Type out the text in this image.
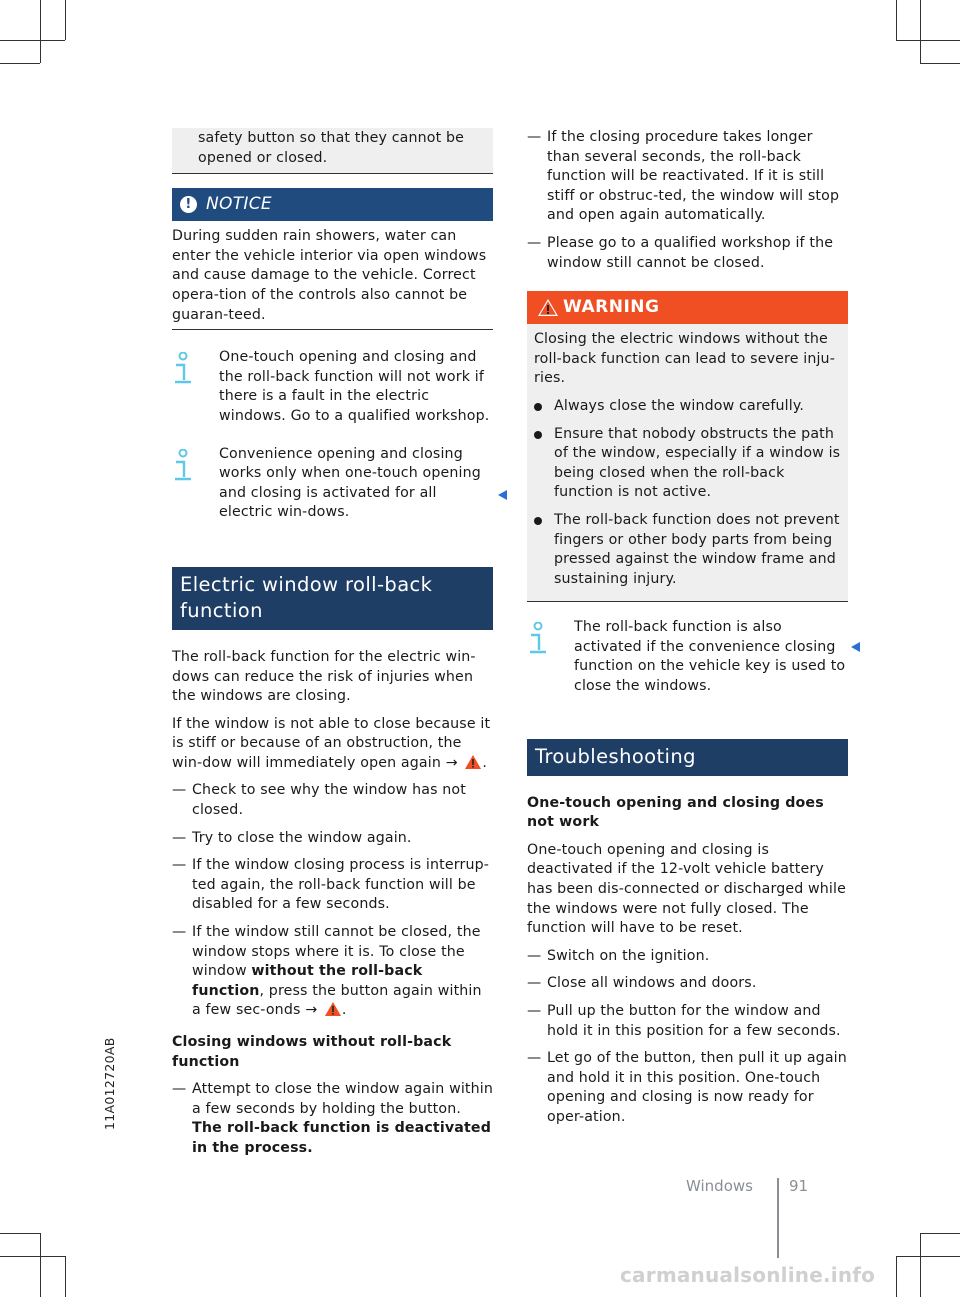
safety button so that they cannot be opened or closed.
! NOTICE
During sudden rain showers, water can enter the vehicle interior via open windows and cause damage to the vehicle. Correct opera-tion of the controls also cannot be guaran-teed.
One-touch opening and closing and the roll-back function will not work if there is a fault in the electric windows. Go to a qualified workshop.
Convenience opening and closing works only when one-touch opening and closing is activated for all electric win-dows.
Electric window roll-back function

The roll-back function for the electric win-dows can reduce the risk of injuries when the windows are closing.

If the window is not able to close because it is stiff or because of an obstruction, the win-dow will immediately open again → .

— Check to see why the window has not closed.
— Try to close the window again.
— If the window closing process is interrup-ted again, the roll-back function will be disabled for a few seconds.
— If the window still cannot be closed, the window stops where it is. To close the window without the roll-back function, press the button again within a few sec-onds → .

Closing windows without roll-back function

— Attempt to close the window again within a few seconds by holding the button. The roll-back function is deactivated in the process.
— If the closing procedure takes longer than several seconds, the roll-back function will be reactivated. If it is still stiff or obstruc-ted, the window will stop and open again automatically.
— Please go to a qualified workshop if the window still cannot be closed.
WARNING
Closing the electric windows without the roll-back function can lead to severe inju-ries.
Always close the window carefully.
Ensure that nobody obstructs the path of the window, especially if a window is being closed when the roll-back function is not active.
The roll-back function does not prevent fingers or other body parts from being pressed against the window frame and sustaining injury.
The roll-back function is also activated if the convenience closing function on the vehicle key is used to close the windows.
Troubleshooting

One-touch opening and closing does not work

One-touch opening and closing is deactivated if the 12-volt vehicle battery has been dis-connected or discharged while the windows were not fully closed. The function will have to be reset.

— Switch on the ignition.
— Close all windows and doors.
— Pull up the button for the window and hold it in this position for a few seconds.
— Let go of the button, then pull it up again and hold it in this position. One-touch opening and closing is now ready for oper-ation.
11A012720AB
Windows 91
carmanualsonline.info
